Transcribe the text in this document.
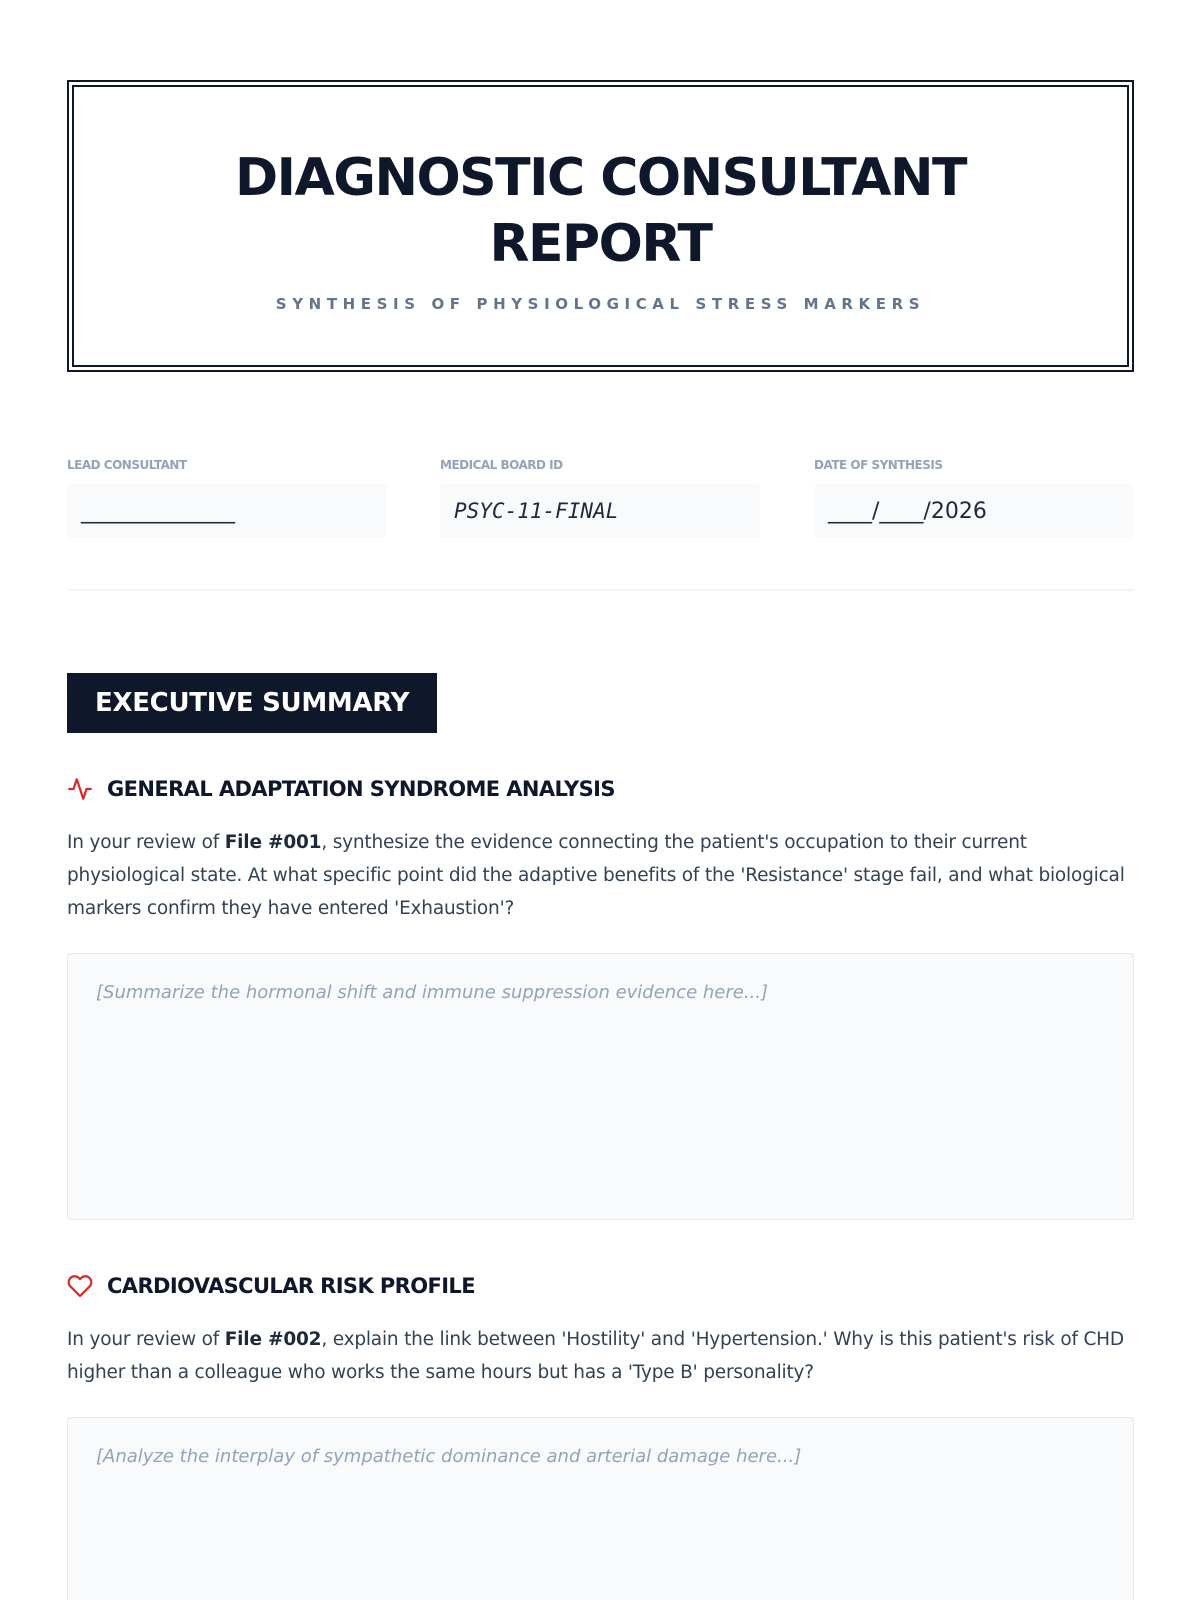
DIAGNOSTIC CONSULTANT REPORT
SYNTHESIS OF PHYSIOLOGICAL STRESS MARKERS
LEAD CONSULTANT
______________
MEDICAL BOARD ID
PSYC-11-FINAL
DATE OF SYNTHESIS
____/____/2026
EXECUTIVE SUMMARY
GENERAL ADAPTATION SYNDROME ANALYSIS

In your review of File #001, synthesize the evidence connecting the patient's occupation to their current physiological state. At what specific point did the adaptive benefits of the 'Resistance' stage fail, and what biological markers confirm they have entered 'Exhaustion'?

[Summarize the hormonal shift and immune suppression evidence here...]
CARDIOVASCULAR RISK PROFILE

In your review of File #002, explain the link between 'Hostility' and 'Hypertension.' Why is this patient's risk of CHD higher than a colleague who works the same hours but has a 'Type B' personality?

[Analyze the interplay of sympathetic dominance and arterial damage here...]
